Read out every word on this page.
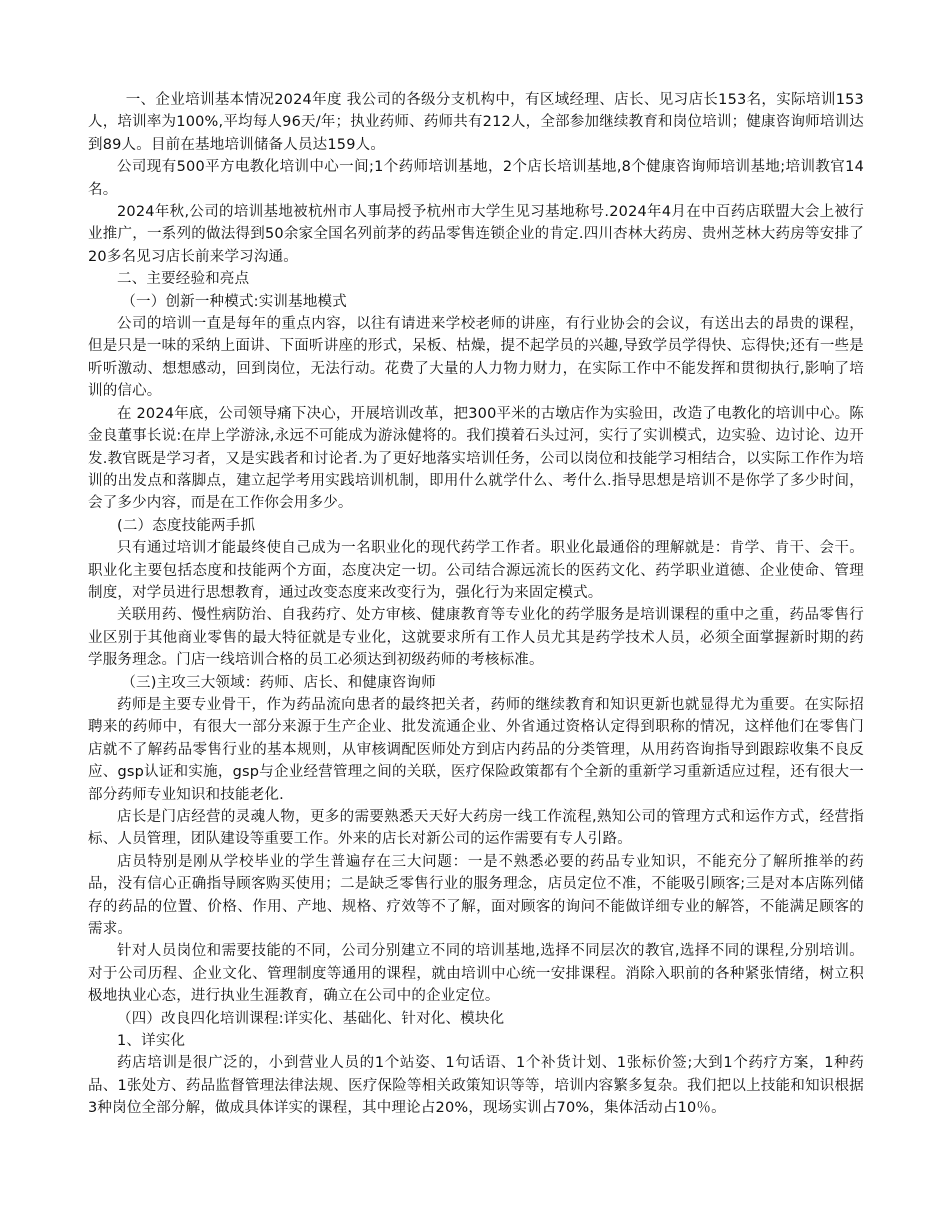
一、企业培训基本情况2024年度 我公司的各级分支机构中，有区域经理、店长、见习店长153名，实际培训153人，培训率为100%,平均每人96天/年；执业药师、药师共有212人，全部参加继续教育和岗位培训；健康咨询师培训达到89人。目前在基地培训储备人员达159人。

公司现有500平方电教化培训中心一间;1个药师培训基地，2个店长培训基地,8个健康咨询师培训基地;培训教官14名。

2024年秋,公司的培训基地被杭州市人事局授予杭州市大学生见习基地称号.2024年4月在中百药店联盟大会上被行业推广，一系列的做法得到50余家全国名列前茅的药品零售连锁企业的肯定.四川杏林大药房、贵州芝林大药房等安排了20多名见习店长前来学习沟通。

二、主要经验和亮点

（一）创新一种模式:实训基地模式

公司的培训一直是每年的重点内容，以往有请进来学校老师的讲座，有行业协会的会议，有送出去的昂贵的课程，但是只是一味的采纳上面讲、下面听讲座的形式，呆板、枯燥，提不起学员的兴趣,导致学员学得快、忘得快;还有一些是听听激动、想想感动，回到岗位，无法行动。花费了大量的人力物力财力，在实际工作中不能发挥和贯彻执行,影响了培训的信心。

在 2024年底，公司领导痛下决心，开展培训改革，把300平米的古墩店作为实验田，改造了电教化的培训中心。陈金良董事长说:在岸上学游泳,永远不可能成为游泳健将的。我们摸着石头过河，实行了实训模式，边实验、边讨论、边开发.教官既是学习者，又是实践者和讨论者.为了更好地落实培训任务，公司以岗位和技能学习相结合，以实际工作作为培训的出发点和落脚点，建立起学考用实践培训机制，即用什么就学什么、考什么.指导思想是培训不是你学了多少时间，会了多少内容，而是在工作你会用多少。

(二）态度技能两手抓

只有通过培训才能最终使自己成为一名职业化的现代药学工作者。职业化最通俗的理解就是：肯学、肯干、会干。职业化主要包括态度和技能两个方面，态度决定一切。公司结合源远流长的医药文化、药学职业道德、企业使命、管理制度，对学员进行思想教育，通过改变态度来改变行为，强化行为来固定模式。

关联用药、慢性病防治、自我药疗、处方审核、健康教育等专业化的药学服务是培训课程的重中之重，药品零售行业区别于其他商业零售的最大特征就是专业化，这就要求所有工作人员尤其是药学技术人员，必须全面掌握新时期的药学服务理念。门店一线培训合格的员工必须达到初级药师的考核标准。

（三)主攻三大领域：药师、店长、和健康咨询师

药师是主要专业骨干，作为药品流向患者的最终把关者，药师的继续教育和知识更新也就显得尤为重要。在实际招聘来的药师中，有很大一部分来源于生产企业、批发流通企业、外省通过资格认定得到职称的情况，这样他们在零售门店就不了解药品零售行业的基本规则，从审核调配医师处方到店内药品的分类管理，从用药咨询指导到跟踪收集不良反应、gsp认证和实施，gsp与企业经营管理之间的关联，医疗保险政策都有个全新的重新学习重新适应过程，还有很大一部分药师专业知识和技能老化.

店长是门店经营的灵魂人物，更多的需要熟悉天天好大药房一线工作流程,熟知公司的管理方式和运作方式，经营指标、人员管理，团队建设等重要工作。外来的店长对新公司的运作需要有专人引路。

店员特别是刚从学校毕业的学生普遍存在三大问题：一是不熟悉必要的药品专业知识，不能充分了解所推举的药品，没有信心正确指导顾客购买使用；二是缺乏零售行业的服务理念，店员定位不准，不能吸引顾客;三是对本店陈列储存的药品的位置、价格、作用、产地、规格、疗效等不了解，面对顾客的询问不能做详细专业的解答，不能满足顾客的需求。

针对人员岗位和需要技能的不同，公司分别建立不同的培训基地,选择不同层次的教官,选择不同的课程,分别培训。对于公司历程、企业文化、管理制度等通用的课程，就由培训中心统一安排课程。消除入职前的各种紧张情绪，树立积极地执业心态，进行执业生涯教育，确立在公司中的企业定位。

（四）改良四化培训课程:详实化、基础化、针对化、模块化

1、详实化

药店培训是很广泛的，小到营业人员的1个站姿、1句话语、1个补货计划、1张标价签;大到1个药疗方案，1种药品、1张处方、药品监督管理法律法规、医疗保险等相关政策知识等等，培训内容繁多复杂。我们把以上技能和知识根据3种岗位全部分解，做成具体详实的课程，其中理论占20%，现场实训占70%，集体活动占10％。
